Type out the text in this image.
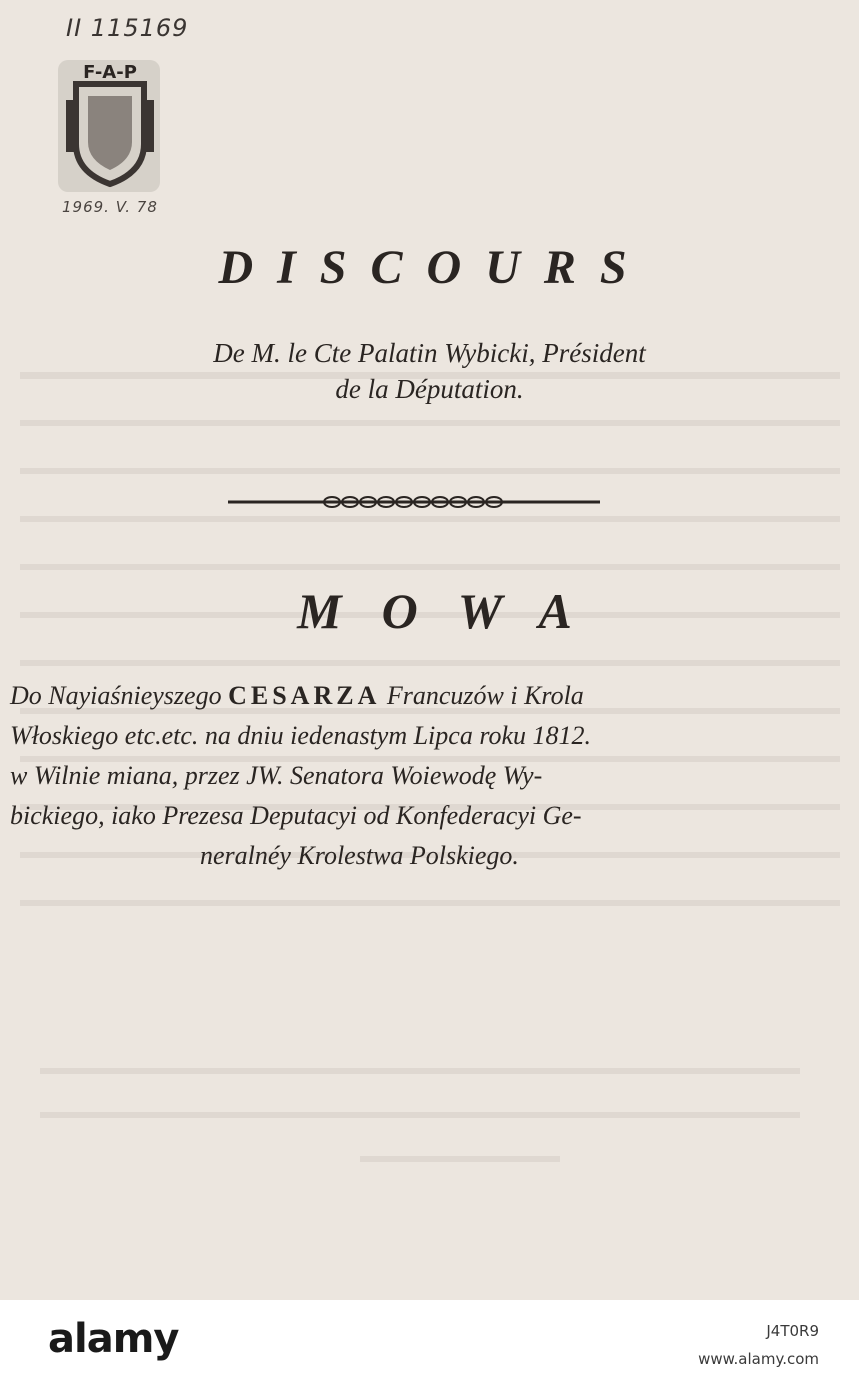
II 115169
F-A-P
1969. V. 78
DISCOURS
De M. le Cte Palatin Wybicki, Président
de la Députation.
MOWA
Do Nayiaśnieyszego CESARZA Francuzów i Krola
Włoskiego etc.etc. na dniu iedenastym Lipca roku 1812.
w Wilnie miana, przez JW. Senatora Woiewodę Wy-
bickiego, iako Prezesa Deputacyi od Konfederacyi Ge-
neralnéy Krolestwa Polskiego.
alamy	J4T0R9
www.alamy.com
